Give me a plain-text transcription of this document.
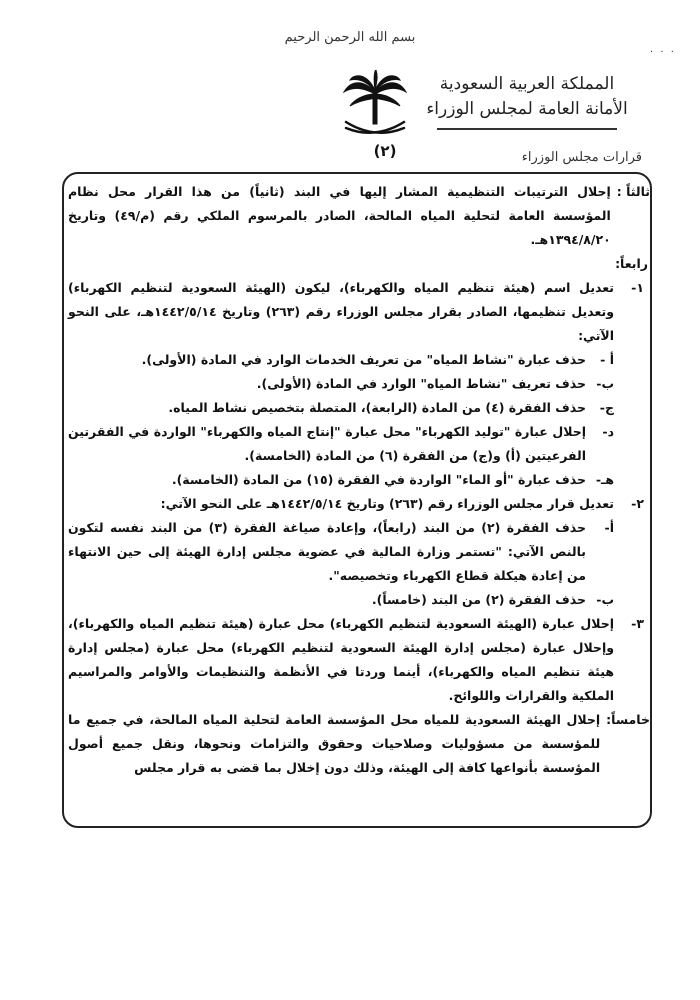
بسم الله الرحمن الرحيم
. . .
(٢)
المملكة العربية السعودية
الأمانة العامة لمجلس الوزراء
قرارات مجلس الوزراء
ثالثاً :
إحلال الترتيبات التنظيمية المشار إليها في البند (ثانياً) من هذا القرار محل نظام المؤسسة العامة لتحلية المياه المالحة، الصادر بالمرسوم الملكي رقم (م/٤٩) وتاريخ ١٣٩٤/٨/٢٠هـ.
رابعاً:
١-
تعديل اسم (هيئة تنظيم المياه والكهرباء)، ليكون (الهيئة السعودية لتنظيم الكهرباء) وتعديل تنظيمها، الصادر بقرار مجلس الوزراء رقم (٢٦٣) وتاريخ ١٤٤٢/٥/١٤هـ، على النحو الآتي:
أ -
حذف عبارة "نشاط المياه" من تعريف الخدمات الوارد في المادة (الأولى).
ب-
حذف تعريف "نشاط المياه" الوارد في المادة (الأولى).
ج-
حذف الفقرة (٤) من المادة (الرابعة)، المتصلة بتخصيص نشاط المياه.
د-
إحلال عبارة "توليد الكهرباء" محل عبارة "إنتاج المياه والكهرباء" الواردة في الفقرتين الفرعيتين (أ) و(ج) من الفقرة (٦) من المادة (الخامسة).
هـ-
حذف عبارة "أو الماء" الواردة في الفقرة (١٥) من المادة (الخامسة).
٢-
تعديل قرار مجلس الوزراء رقم (٢٦٣) وتاريخ ١٤٤٢/٥/١٤هـ على النحو الآتي:
أ-
حذف الفقرة (٢) من البند (رابعاً)، وإعادة صياغة الفقرة (٣) من البند نفسه لتكون بالنص الآتي: "تستمر وزارة المالية في عضوية مجلس إدارة الهيئة إلى حين الانتهاء من إعادة هيكلة قطاع الكهرباء وتخصيصه".
ب-
حذف الفقرة (٢) من البند (خامساً).
٣-
إحلال عبارة (الهيئة السعودية لتنظيم الكهرباء) محل عبارة (هيئة تنظيم المياه والكهرباء)، وإحلال عبارة (مجلس إدارة الهيئة السعودية لتنظيم الكهرباء) محل عبارة (مجلس إدارة هيئة تنظيم المياه والكهرباء)، أينما وردتا في الأنظمة والتنظيمات والأوامر والمراسيم الملكية والقرارات واللوائح.
خامساً:
إحلال الهيئة السعودية للمياه محل المؤسسة العامة لتحلية المياه المالحة، في جميع ما للمؤسسة من مسؤوليات وصلاحيات وحقوق والتزامات ونحوها، ونقل جميع أصول المؤسسة بأنواعها كافة إلى الهيئة، وذلك دون إخلال بما قضى به قرار مجلس
